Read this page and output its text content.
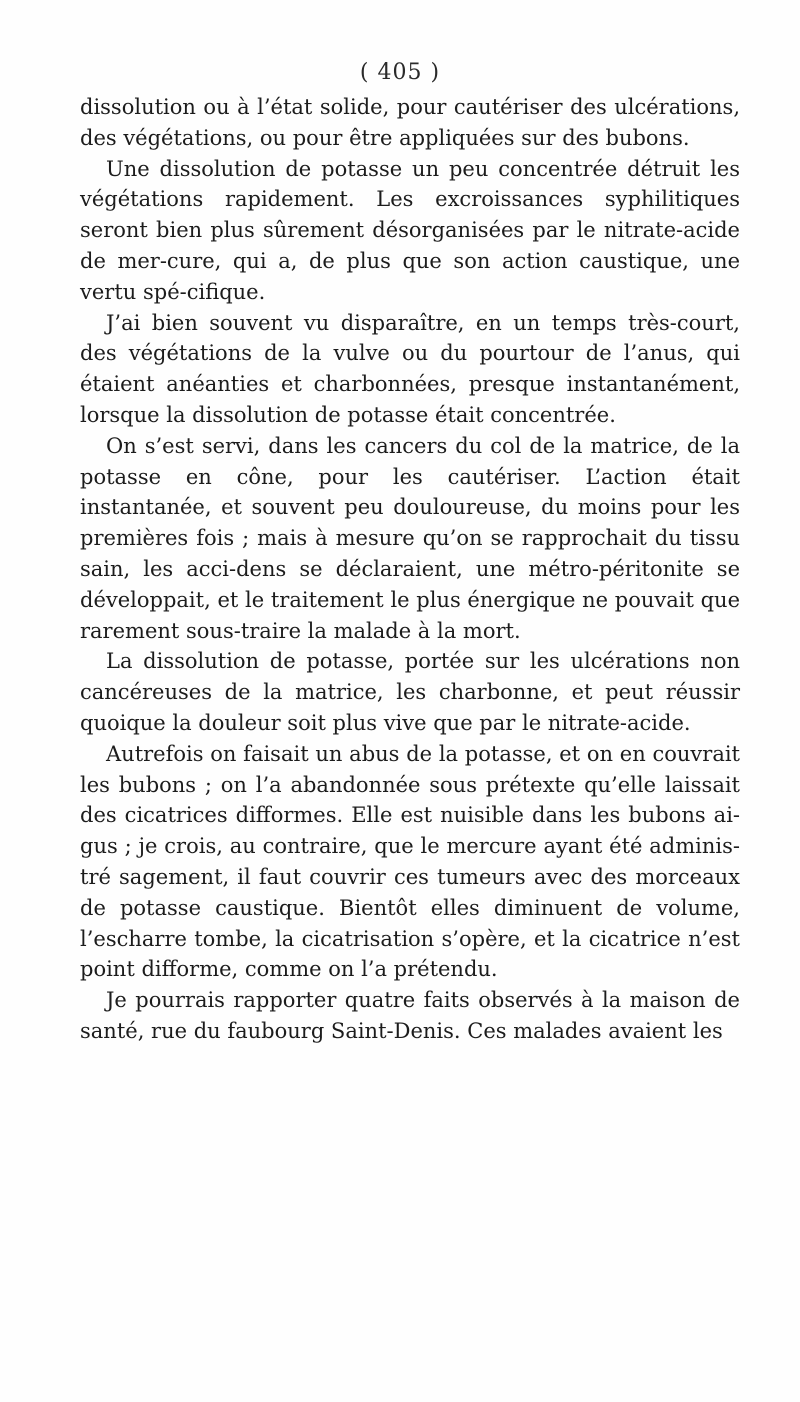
( 405 )

dissolution ou à l’état solide, pour cautériser des ulcérations, des végétations, ou pour être appliquées sur des bubons.

Une dissolution de potasse un peu concentrée détruit les végétations rapidement. Les excroissances syphilitiques seront bien plus sûrement désorganisées par le nitrate-acide de mer-cure, qui a, de plus que son action caustique, une vertu spé-cifique.

J’ai bien souvent vu disparaître, en un temps très-court, des végétations de la vulve ou du pourtour de l’anus, qui étaient anéanties et charbonnées, presque instantanément, lorsque la dissolution de potasse était concentrée.

On s’est servi, dans les cancers du col de la matrice, de la potasse en cône, pour les cautériser. L’action était instantanée, et souvent peu douloureuse, du moins pour les premières fois ; mais à mesure qu’on se rapprochait du tissu sain, les acci-dens se déclaraient, une métro-péritonite se développait, et le traitement le plus énergique ne pouvait que rarement sous-traire la malade à la mort.

La dissolution de potasse, portée sur les ulcérations non cancéreuses de la matrice, les charbonne, et peut réussir quoique la douleur soit plus vive que par le nitrate-acide.

Autrefois on faisait un abus de la potasse, et on en couvrait les bubons ; on l’a abandonnée sous prétexte qu’elle laissait des cicatrices difformes. Elle est nuisible dans les bubons ai-gus ; je crois, au contraire, que le mercure ayant été adminis-tré sagement, il faut couvrir ces tumeurs avec des morceaux de potasse caustique. Bientôt elles diminuent de volume, l’escharre tombe, la cicatrisation s’opère, et la cicatrice n’est point difforme, comme on l’a prétendu.

Je pourrais rapporter quatre faits observés à la maison de santé, rue du faubourg Saint-Denis. Ces malades avaient les
